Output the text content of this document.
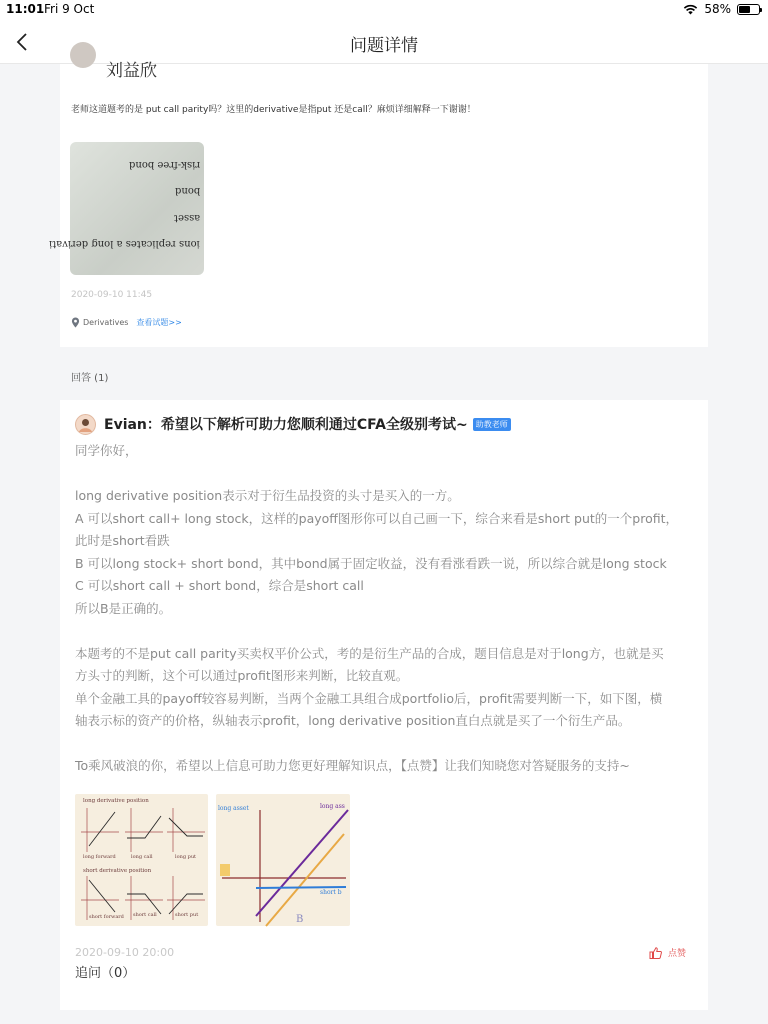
11:01 Fri 9 Oct	58%
问题详情
刘益欣
老师这道题考的是 put call parity吗？这里的derivative是指put 还是call？麻烦详细解释一下谢谢！
risk-free bond
bond
asset
ions replicates a long derivati
2020-09-10 11:45
Derivatives 查看试题>>
回答 (1)
Evian：希望以下解析可助力您顺利通过CFA全级别考试~ 助教老师
同学你好，
long derivative position表示对于衍生品投资的头寸是买入的一方。
A 可以short call+ long stock，这样的payoff图形你可以自己画一下，综合来看是short put的一个profit，
此时是short看跌
B 可以long stock+ short bond，其中bond属于固定收益，没有看涨看跌一说，所以综合就是long stock
C 可以short call + short bond，综合是short call
所以B是正确的。
本题考的不是put call parity买卖权平价公式，考的是衍生产品的合成，题目信息是对于long方，也就是买
方头寸的判断，这个可以通过profit图形来判断，比较直观。
单个金融工具的payoff较容易判断，当两个金融工具组合成portfolio后，profit需要判断一下，如下图，横
轴表示标的资产的价格，纵轴表示profit，long derivative position直白点就是买了一个衍生产品。
To乘风破浪的你，希望以上信息可助力您更好理解知识点，【点赞】让我们知晓您对答疑服务的支持~
long derivative position
long forward	long call	long put
short derivative position
short forward short call	short put
long asset
short b
long ass
B
2020-09-10 20:00
追问（0）
点赞
